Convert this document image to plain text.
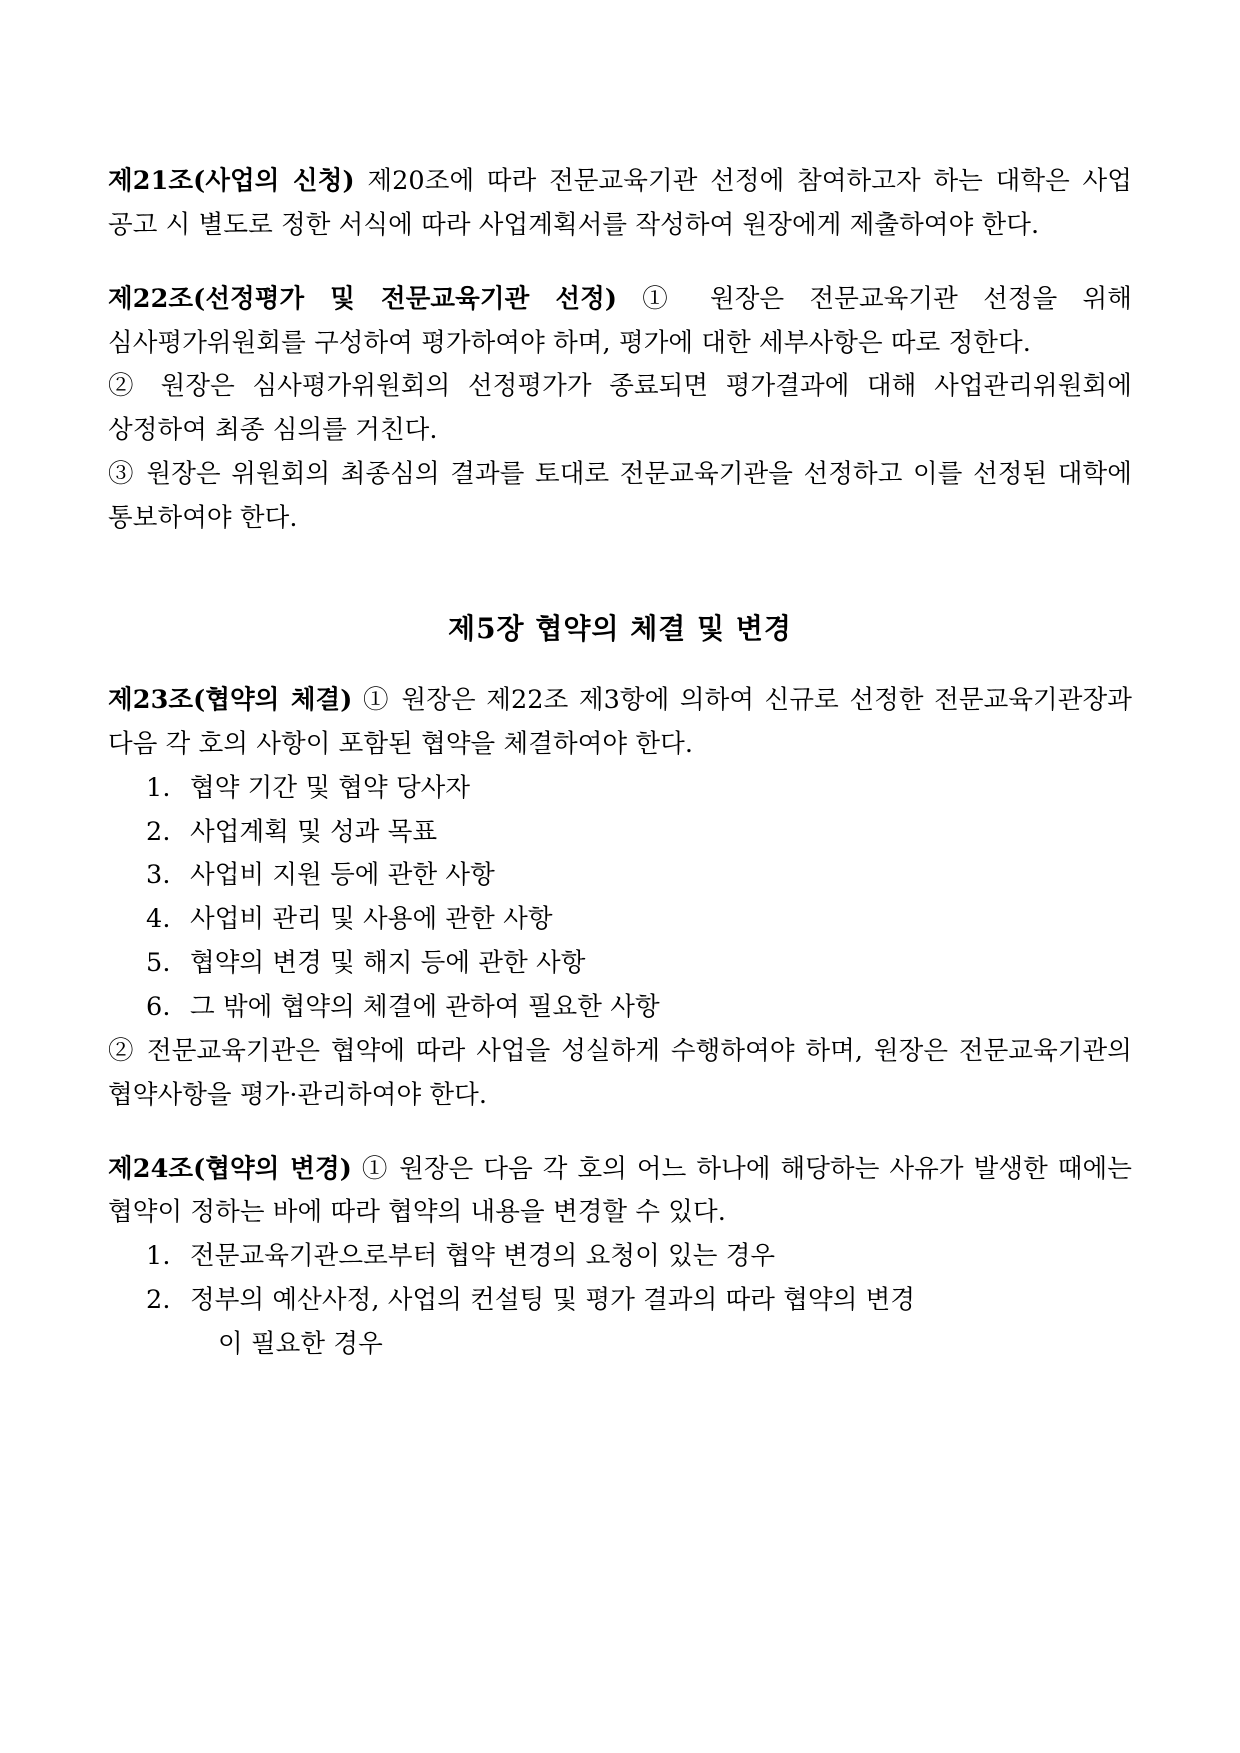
제21조(사업의 신청) 제20조에 따라 전문교육기관 선정에 참여하고자 하는 대학은 사업 공고 시 별도로 정한 서식에 따라 사업계획서를 작성하여 원장에게 제출하여야 한다.

제22조(선정평가 및 전문교육기관 선정) ① 원장은 전문교육기관 선정을 위해 심사평가위원회를 구성하여 평가하여야 하며, 평가에 대한 세부사항은 따로 정한다.

② 원장은 심사평가위원회의 선정평가가 종료되면 평가결과에 대해 사업관리위원회에 상정하여 최종 심의를 거친다.

③ 원장은 위원회의 최종심의 결과를 토대로 전문교육기관을 선정하고 이를 선정된 대학에 통보하여야 한다.

제5장 협약의 체결 및 변경

제23조(협약의 체결) ① 원장은 제22조 제3항에 의하여 신규로 선정한 전문교육기관장과 다음 각 호의 사항이 포함된 협약을 체결하여야 한다.

1. 협약 기간 및 협약 당사자
2. 사업계획 및 성과 목표
3. 사업비 지원 등에 관한 사항
4. 사업비 관리 및 사용에 관한 사항
5. 협약의 변경 및 해지 등에 관한 사항
6. 그 밖에 협약의 체결에 관하여 필요한 사항

② 전문교육기관은 협약에 따라 사업을 성실하게 수행하여야 하며, 원장은 전문교육기관의 협약사항을 평가·관리하여야 한다.

제24조(협약의 변경) ① 원장은 다음 각 호의 어느 하나에 해당하는 사유가 발생한 때에는 협약이 정하는 바에 따라 협약의 내용을 변경할 수 있다.

1. 전문교육기관으로부터 협약 변경의 요청이 있는 경우
2. 정부의 예산사정, 사업의 컨설팅 및 평가 결과의 따라 협약의 변경
이 필요한 경우
